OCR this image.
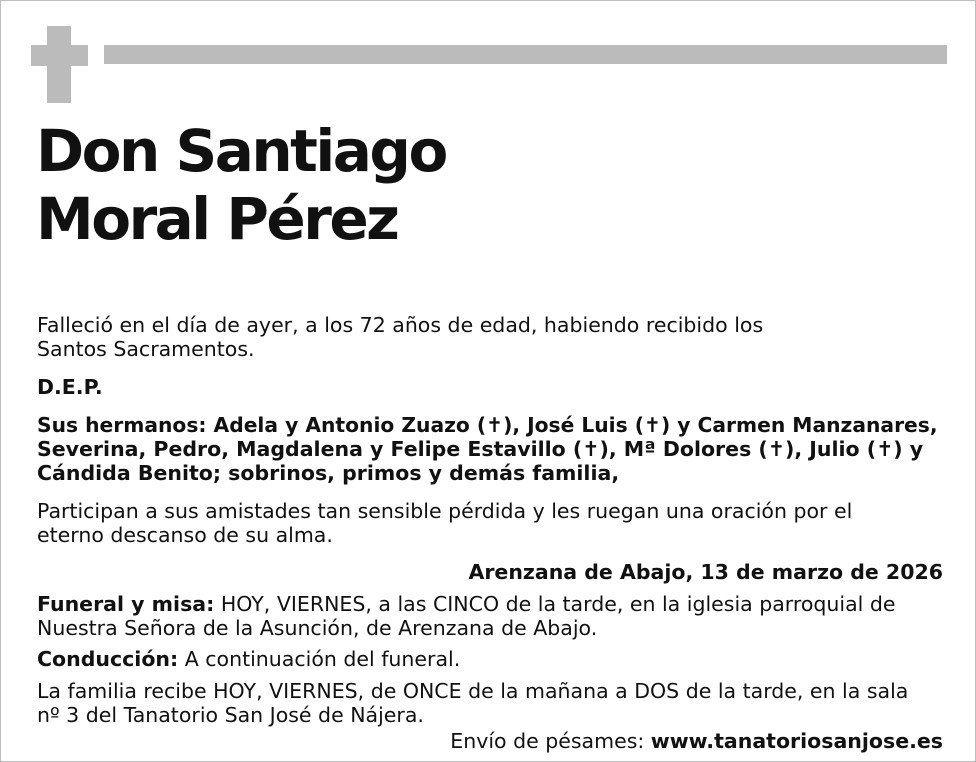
Don Santiago
Moral Pérez

Falleció en el día de ayer, a los 72 años de edad, habiendo recibido los

Santos Sacramentos.

D.E.P.

Sus hermanos: Adela y Antonio Zuazo (✝), José Luis (✝) y Carmen Manzanares,

Severina, Pedro, Magdalena y Felipe Estavillo (✝), Mª Dolores (✝), Julio (✝) y

Cándida Benito; sobrinos, primos y demás familia,

Participan a sus amistades tan sensible pérdida y les ruegan una oración por el

eterno descanso de su alma.

Arenzana de Abajo, 13 de marzo de 2026

Funeral y misa: HOY, VIERNES, a las CINCO de la tarde, en la iglesia parroquial de

Nuestra Señora de la Asunción, de Arenzana de Abajo.

Conducción: A continuación del funeral.

La familia recibe HOY, VIERNES, de ONCE de la mañana a DOS de la tarde, en la sala

nº 3 del Tanatorio San José de Nájera.

Envío de pésames: www.tanatoriosanjose.es
